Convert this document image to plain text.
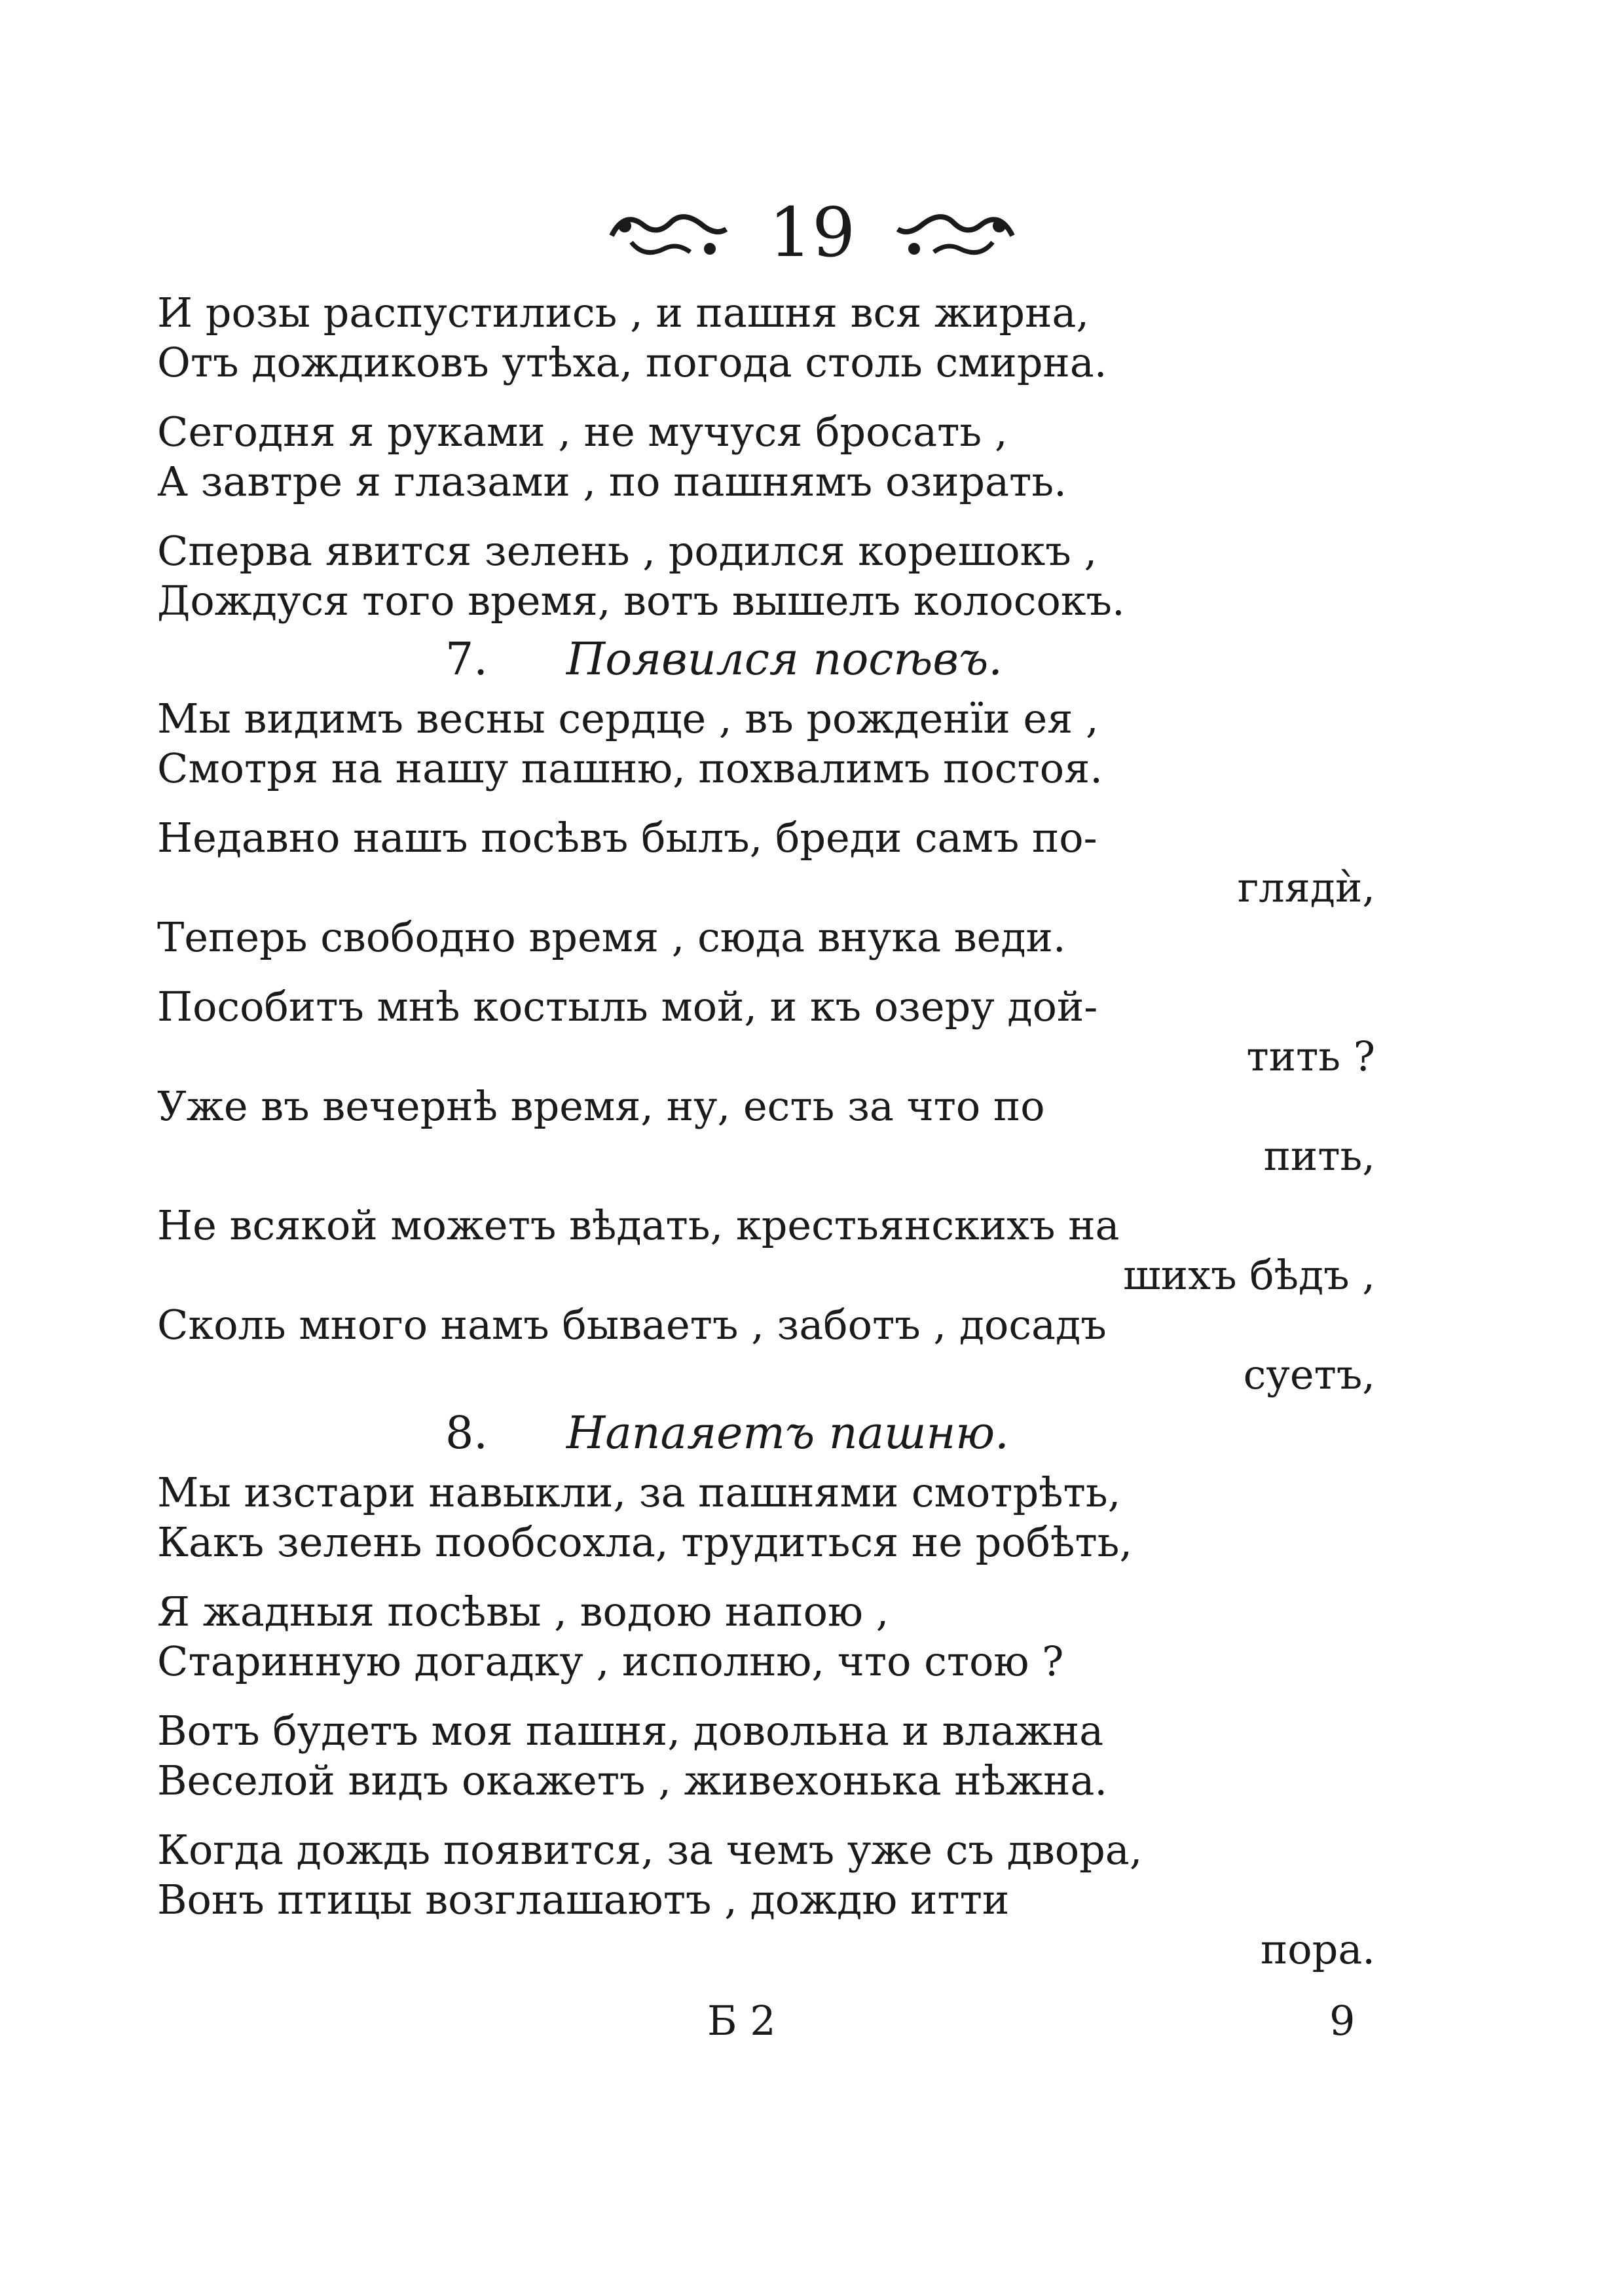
19
И розы распустились , и пашня вся жирна,
Отъ дождиковъ утѣха, погода столь смирна.
Сегодня я руками , не мучуся бросать ,
А завтре я глазами , по пашнямъ озирать.
Сперва явится зелень , родился корешокъ ,
Дождуся того время, вотъ вышелъ колосокъ.
7. Появился посѣвъ.
Мы видимъ весны сердце , въ рожденїи ея ,
Смотря на нашу пашню, похвалимъ постоя.
Недавно нашъ посѣвъ былъ, бреди самъ по-
глядѝ,
Теперь свободно время , сюда внука веди.
Пособитъ мнѣ костыль мой, и къ озеру дой-
тить ?
Уже въ вечернѣ время, ну, есть за что по
пить,
Не всякой можетъ вѣдать, крестьянскихъ на
шихъ бѣдъ ,
Сколь много намъ бываетъ , заботъ , досадъ
суетъ,
8. Напаяетъ пашню.
Мы изстари навыкли, за пашнями смотрѣть,
Какъ зелень пообсохла, трудиться не робѣть,
Я жадныя посѣвы , водою напою ,
Старинную догадку , исполню, что стою ?
Вотъ будетъ моя пашня, довольна и влажна
Веселой видъ окажетъ , живехонька нѣжна.
Когда дождь появится, за чемъ уже съ двора,
Вонъ птицы возглашаютъ , дождю итти
пора.
Б 2	9
